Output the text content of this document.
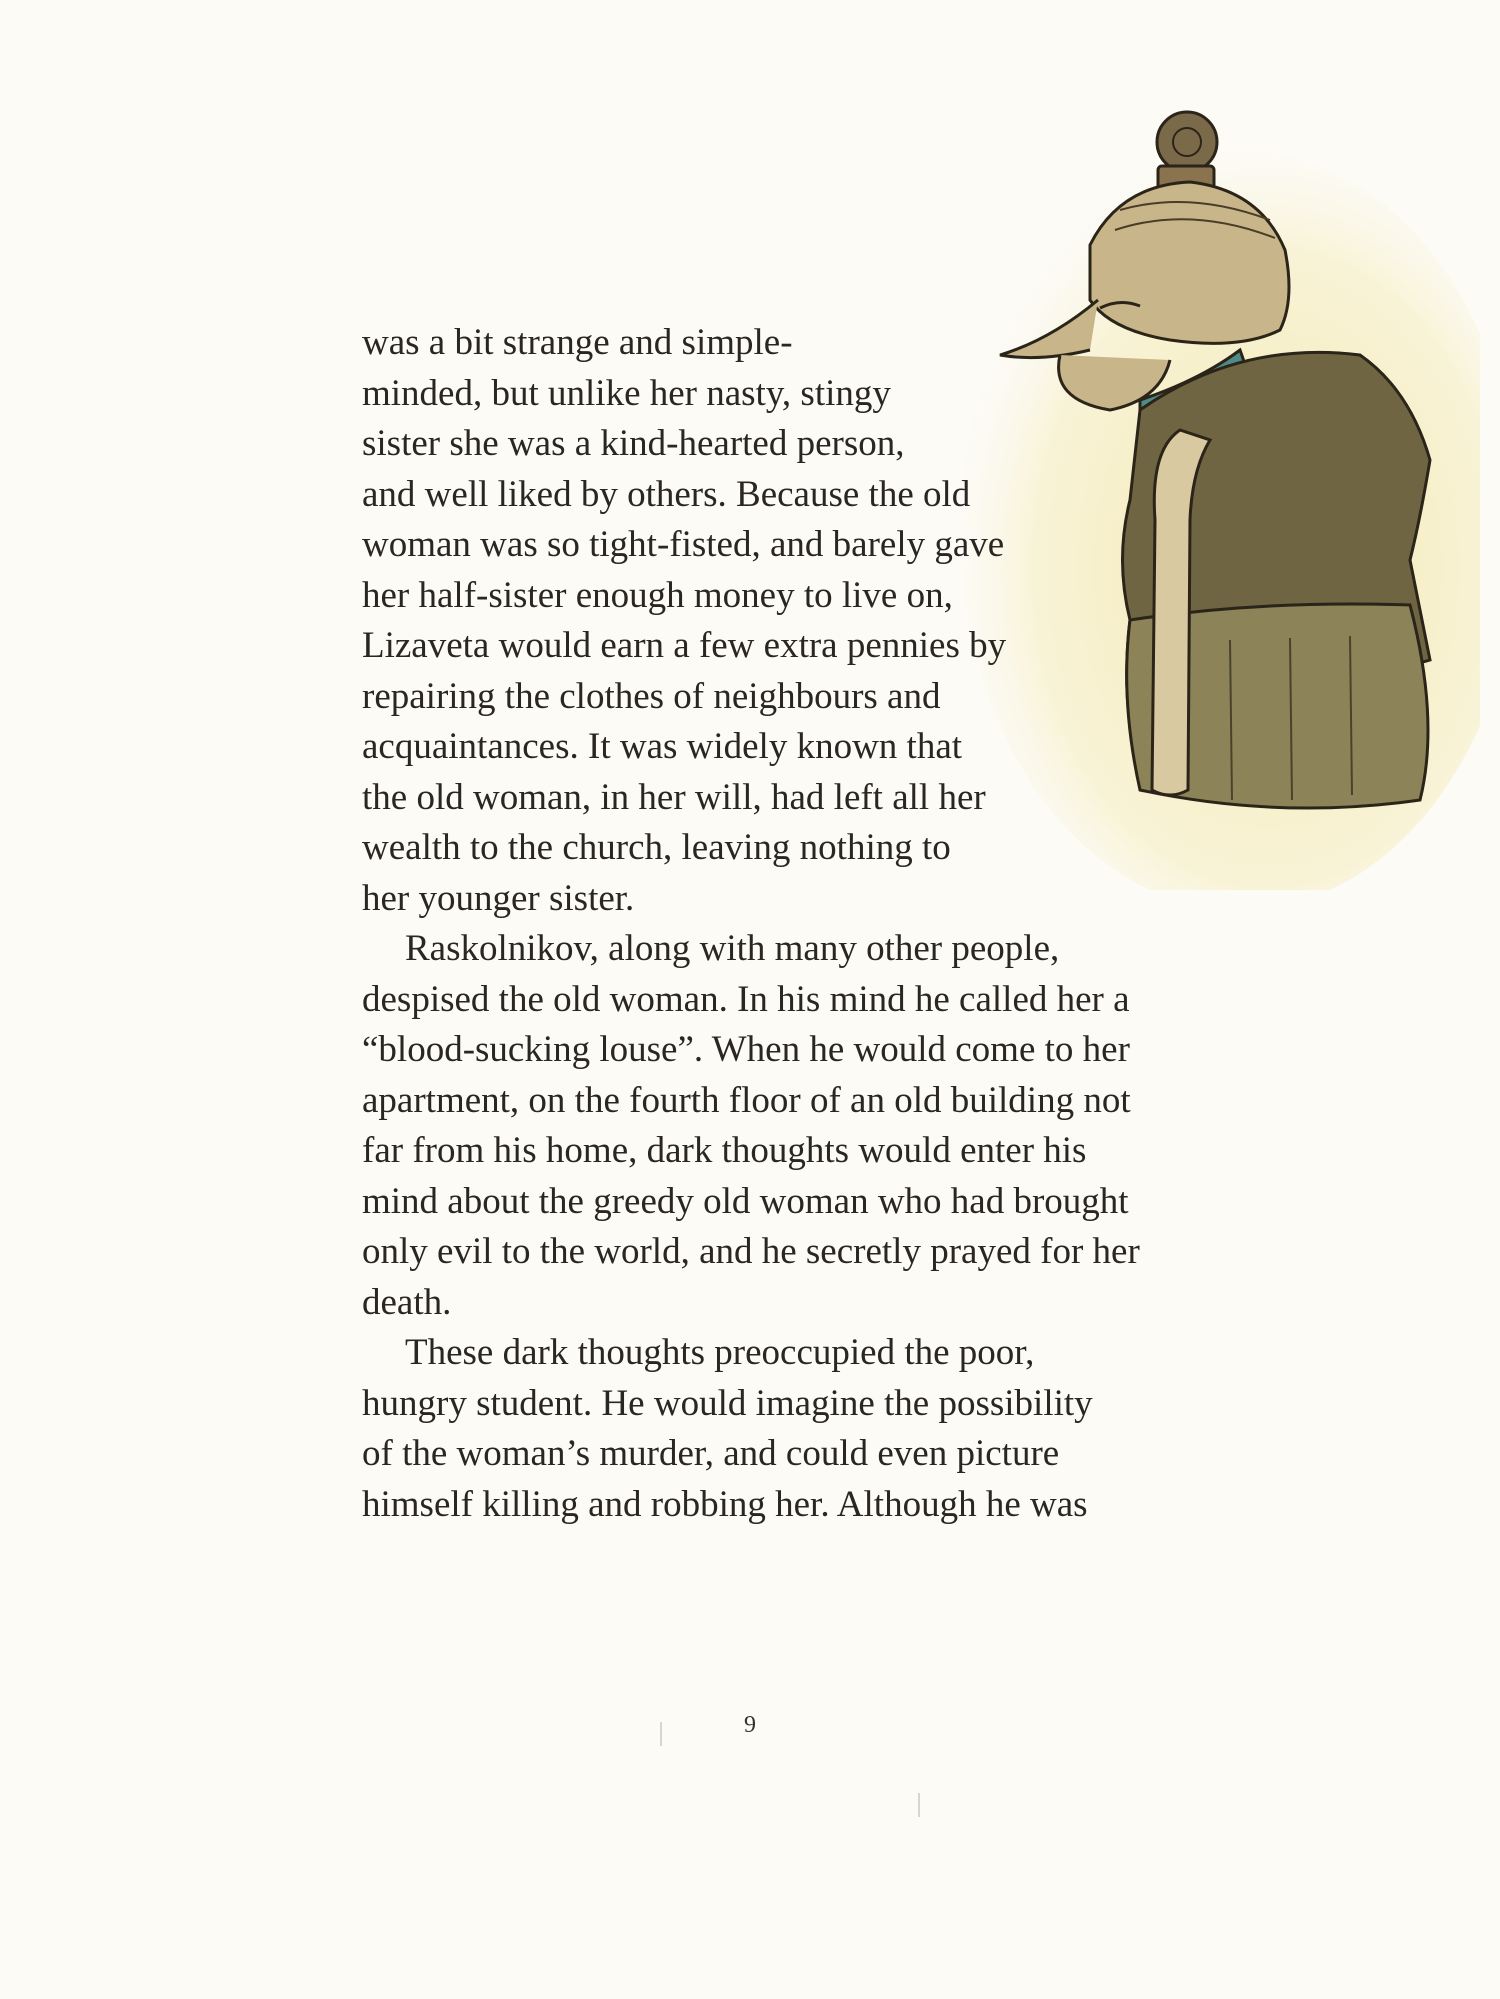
was a bit strange and simple-
minded, but unlike her nasty, stingy
sister she was a kind-hearted person,
and well liked by others. Because the old
woman was so tight-fisted, and barely gave
her half-sister enough money to live on,
Lizaveta would earn a few extra pennies by
repairing the clothes of neighbours and
acquaintances. It was widely known that
the old woman, in her will, had left all her
wealth to the church, leaving nothing to
her younger sister.
Raskolnikov, along with many other people,
despised the old woman. In his mind he called her a
“blood-sucking louse”. When he would come to her
apartment, on the fourth floor of an old building not
far from his home, dark thoughts would enter his
mind about the greedy old woman who had brought
only evil to the world, and he secretly prayed for her
death.
These dark thoughts preoccupied the poor,
hungry student. He would imagine the possibility
of the woman’s murder, and could even picture
himself killing and robbing her. Although he was
9
